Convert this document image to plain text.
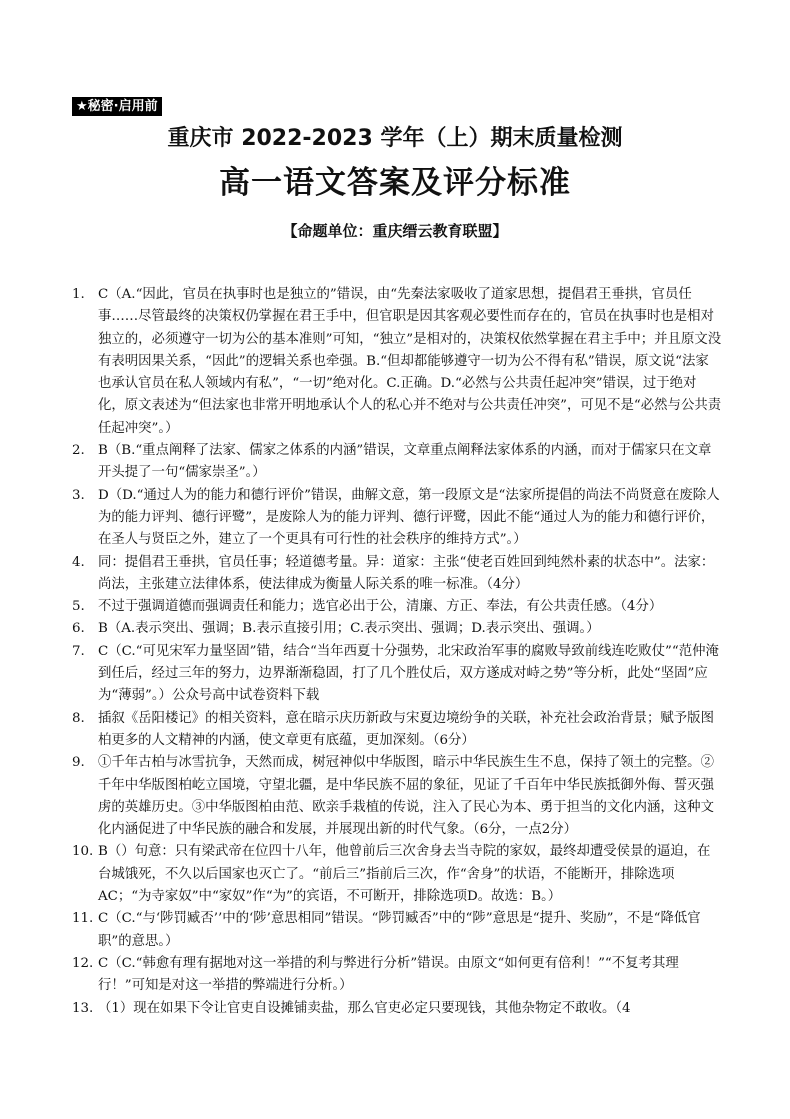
★秘密·启用前
重庆市 2022-2023 学年（上）期末质量检测
高一语文答案及评分标准
【命题单位：重庆缙云教育联盟】
1. C（A.“因此，官员在执事时也是独立的”错误，由“先秦法家吸收了道家思想，提倡君王垂拱，官员任事……尽管最终的决策权仍掌握在君王手中，但官职是因其客观必要性而存在的，官员在执事时也是相对独立的，必须遵守一切为公的基本准则”可知，“独立”是相对的，决策权依然掌握在君主手中；并且原文没有表明因果关系，“因此”的逻辑关系也牵强。B.“但却都能够遵守一切为公不得有私”错误，原文说“法家也承认官员在私人领域内有私”，“一切”绝对化。C.正确。D.“必然与公共责任起冲突”错误，过于绝对化，原文表述为“但法家也非常开明地承认个人的私心并不绝对与公共责任冲突”，可见不是“必然与公共责任起冲突”。）
2. B（B.“重点阐释了法家、儒家之体系的内涵”错误，文章重点阐释法家体系的内涵，而对于儒家只在文章开头提了一句“儒家崇圣”。）
3. D（D.“通过人为的能力和德行评价”错误，曲解文意，第一段原文是“法家所提倡的尚法不尚贤意在废除人为的能力评判、德行评鹭”，是废除人为的能力评判、德行评鹭，因此不能“通过人为的能力和德行评价，在圣人与贤臣之外，建立了一个更具有可行性的社会秩序的维持方式”。）
4. 同：提倡君王垂拱，官员任事；轻道德考量。异：道家：主张“使老百姓回到纯然朴素的状态中”。法家：尚法，主张建立法律体系，使法律成为衡量人际关系的唯一标准。（4分）
5. 不过于强调道德而强调责任和能力；选官必出于公，清廉、方正、奉法，有公共责任感。（4分）
6. B（A.表示突出、强调；B.表示直接引用；C.表示突出、强调；D.表示突出、强调。）
7. C（C.“可见宋军力量坚固”错，结合“当年西夏十分强势，北宋政治军事的腐败导致前线连吃败仗”“范仲淹到任后，经过三年的努力，边界渐渐稳固，打了几个胜仗后，双方遂成对峙之势”等分析，此处“坚固”应为“薄弱”。）公众号高中试卷资料下载
8. 插叙《岳阳楼记》的相关资料，意在暗示庆历新政与宋夏边境纷争的关联，补充社会政治背景；赋予版图柏更多的人文精神的内涵，使文章更有底蕴，更加深刻。（6分）
9. ①千年古柏与冰雪抗争，天然而成，树冠神似中华版图，暗示中华民族生生不息，保持了领土的完整。②千年中华版图柏屹立国境，守望北疆，是中华民族不屈的象征，见证了千百年中华民族抵御外侮、誓灭强虏的英雄历史。③中华版图柏由范、欧亲手栽植的传说，注入了民心为本、勇于担当的文化内涵，这种文化内涵促进了中华民族的融合和发展，并展现出新的时代气象。（6分，一点2分）
10. B（）句意：只有梁武帝在位四十八年，他曾前后三次舍身去当寺院的家奴，最终却遭受侯景的逼迫，在台城饿死，不久以后国家也灭亡了。“前后三”指前后三次，作“舍身”的状语，不能断开，排除选项AC；“为寺家奴”中“家奴”作“为”的宾语，不可断开，排除选项D。故选：B。）
11. C（C.“与‘陟罚臧否’’中的‘陟’意思相同”错误。“陟罚臧否”中的“陟”意思是“提升、奖励”，不是“降低官职”的意思。）
12. C（C.“韩愈有理有据地对这一举措的利与弊进行分析”错误。由原文“如何更有倍利！”“不复考其理行！”可知是对这一举措的弊端进行分析。）
13. （1）现在如果下令让官吏自设摊铺卖盐，那么官吏必定只要现钱，其他杂物定不敢收。（4
